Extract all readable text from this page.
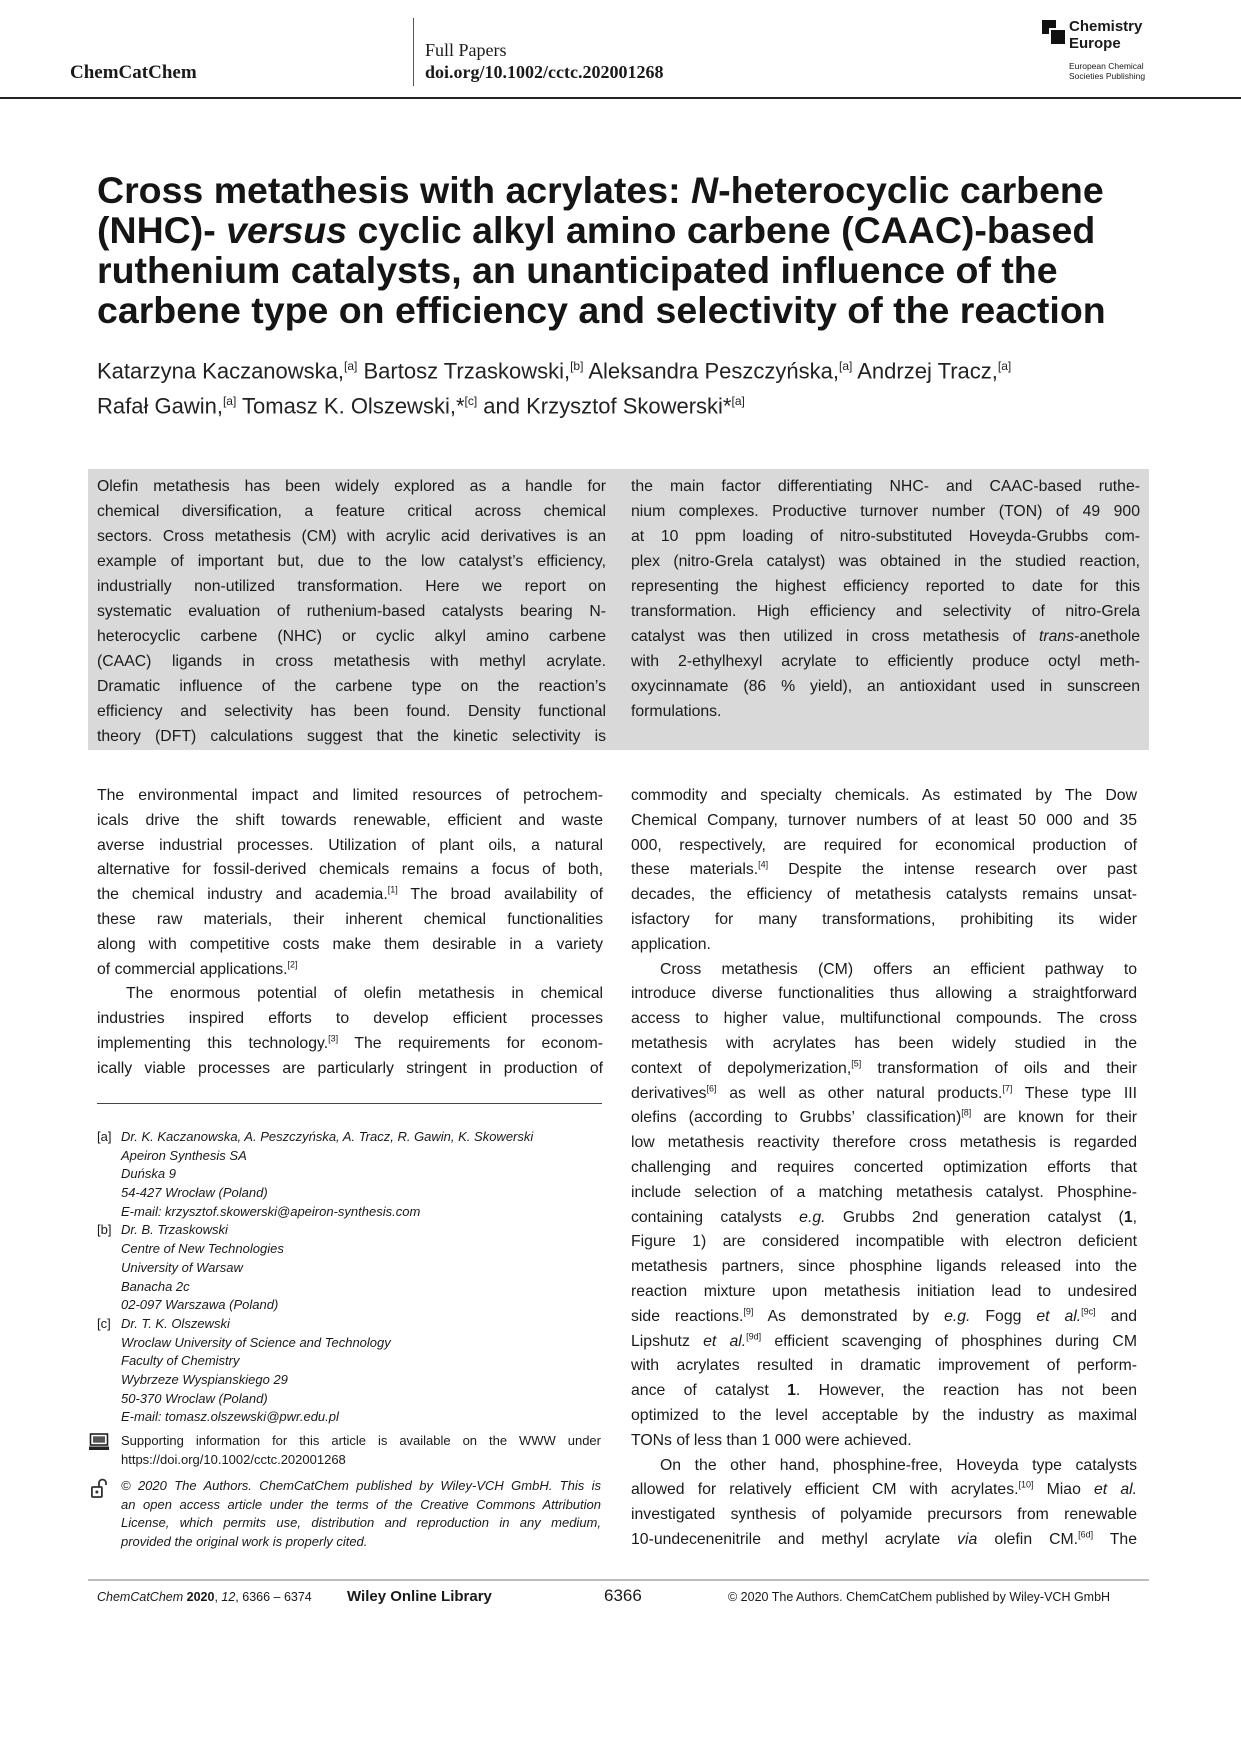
ChemCatChem
Full Papers
doi.org/10.1002/cctc.202001268
Chemistry
Europe
European Chemical
Societies Publishing
Cross metathesis with acrylates: N-heterocyclic carbene
(NHC)- versus cyclic alkyl amino carbene (CAAC)-based
ruthenium catalysts, an unanticipated influence of the
carbene type on efficiency and selectivity of the reaction
Katarzyna Kaczanowska,[a] Bartosz Trzaskowski,[b] Aleksandra Peszczyńska,[a] Andrzej Tracz,[a]
Rafał Gawin,[a] Tomasz K. Olszewski,*[c] and Krzysztof Skowerski*[a]
Olefin metathesis has been widely explored as a handle for
chemical diversification, a feature critical across chemical
sectors. Cross metathesis (CM) with acrylic acid derivatives is an
example of important but, due to the low catalyst’s efficiency,
industrially non-utilized transformation. Here we report on
systematic evaluation of ruthenium-based catalysts bearing N-
heterocyclic carbene (NHC) or cyclic alkyl amino carbene
(CAAC) ligands in cross metathesis with methyl acrylate.
Dramatic influence of the carbene type on the reaction’s
efficiency and selectivity has been found. Density functional
theory (DFT) calculations suggest that the kinetic selectivity is
the main factor differentiating NHC- and CAAC-based ruthe-
nium complexes. Productive turnover number (TON) of 49 900
at 10 ppm loading of nitro-substituted Hoveyda-Grubbs com-
plex (nitro-Grela catalyst) was obtained in the studied reaction,
representing the highest efficiency reported to date for this
transformation. High efficiency and selectivity of nitro-Grela
catalyst was then utilized in cross metathesis of trans-anethole
with 2-ethylhexyl acrylate to efficiently produce octyl meth-
oxycinnamate (86 % yield), an antioxidant used in sunscreen
formulations.
The environmental impact and limited resources of petrochem-
icals drive the shift towards renewable, efficient and waste
averse industrial processes. Utilization of plant oils, a natural
alternative for fossil-derived chemicals remains a focus of both,
the chemical industry and academia.[1] The broad availability of
these raw materials, their inherent chemical functionalities
along with competitive costs make them desirable in a variety
of commercial applications.[2]
The enormous potential of olefin metathesis in chemical
industries inspired efforts to develop efficient processes
implementing this technology.[3] The requirements for econom-
ically viable processes are particularly stringent in production of
[a] Dr. K. Kaczanowska, A. Peszczyńska, A. Tracz, R. Gawin, K. Skowerski
Apeiron Synthesis SA
Duńska 9
54-427 Wrocław (Poland)
E-mail: krzysztof.skowerski@apeiron-synthesis.com
[b] Dr. B. Trzaskowski
Centre of New Technologies
University of Warsaw
Banacha 2c
02-097 Warszawa (Poland)
[c] Dr. T. K. Olszewski
Wroclaw University of Science and Technology
Faculty of Chemistry
Wybrzeze Wyspianskiego 29
50-370 Wroclaw (Poland)
E-mail: tomasz.olszewski@pwr.edu.pl
Supporting information for this article is available on the WWW under
https://doi.org/10.1002/cctc.202001268
© 2020 The Authors. ChemCatChem published by Wiley-VCH GmbH. This is
an open access article under the terms of the Creative Commons Attribution
License, which permits use, distribution and reproduction in any medium,
provided the original work is properly cited.
commodity and specialty chemicals. As estimated by The Dow
Chemical Company, turnover numbers of at least 50 000 and 35
000, respectively, are required for economical production of
these materials.[4] Despite the intense research over past
decades, the efficiency of metathesis catalysts remains unsat-
isfactory for many transformations, prohibiting its wider
application.
Cross metathesis (CM) offers an efficient pathway to
introduce diverse functionalities thus allowing a straightforward
access to higher value, multifunctional compounds. The cross
metathesis with acrylates has been widely studied in the
context of depolymerization,[5] transformation of oils and their
derivatives[6] as well as other natural products.[7] These type III
olefins (according to Grubbs’ classification)[8] are known for their
low metathesis reactivity therefore cross metathesis is regarded
challenging and requires concerted optimization efforts that
include selection of a matching metathesis catalyst. Phosphine-
containing catalysts e.g. Grubbs 2nd generation catalyst (1,
Figure 1) are considered incompatible with electron deficient
metathesis partners, since phosphine ligands released into the
reaction mixture upon metathesis initiation lead to undesired
side reactions.[9] As demonstrated by e.g. Fogg et al.[9c] and
Lipshutz et al.[9d] efficient scavenging of phosphines during CM
with acrylates resulted in dramatic improvement of perform-
ance of catalyst 1. However, the reaction has not been
optimized to the level acceptable by the industry as maximal
TONs of less than 1 000 were achieved.
On the other hand, phosphine-free, Hoveyda type catalysts
allowed for relatively efficient CM with acrylates.[10] Miao et al.
investigated synthesis of polyamide precursors from renewable
10-undecenenitrile and methyl acrylate via olefin CM.[6d] The
ChemCatChem 2020, 12, 6366 – 6374 Wiley Online Library	6366	© 2020 The Authors. ChemCatChem published by Wiley-VCH GmbH
